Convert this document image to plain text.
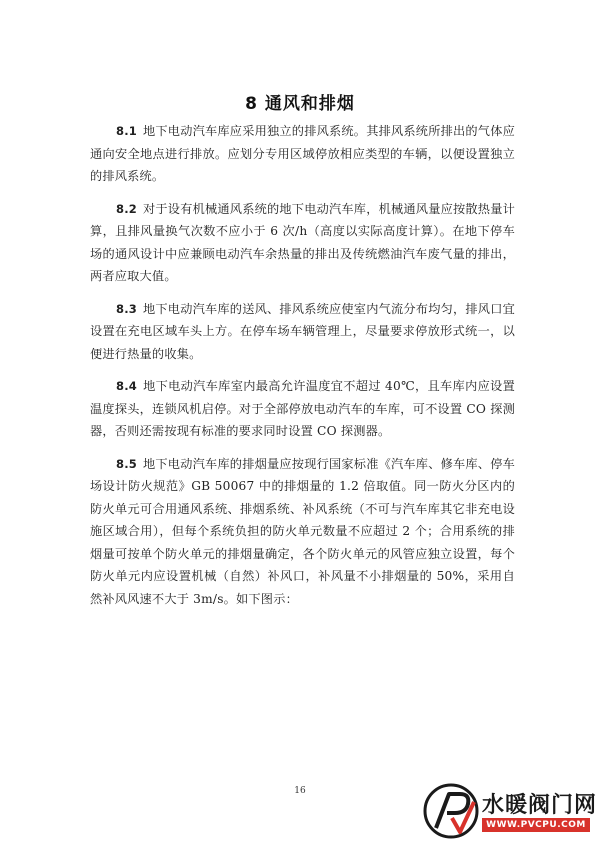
8 通风和排烟

8.1 地下电动汽车库应采用独立的排风系统。其排风系统所排出的气体应通向安全地点进行排放。应划分专用区域停放相应类型的车辆，以便设置独立的排风系统。

8.2 对于设有机械通风系统的地下电动汽车库，机械通风量应按散热量计算，且排风量换气次数不应小于 6 次/h（高度以实际高度计算）。在地下停车场的通风设计中应兼顾电动汽车余热量的排出及传统燃油汽车废气量的排出，两者应取大值。

8.3 地下电动汽车库的送风、排风系统应使室内气流分布均匀，排风口宜设置在充电区域车头上方。在停车场车辆管理上，尽量要求停放形式统一，以便进行热量的收集。

8.4 地下电动汽车库室内最高允许温度宜不超过 40℃，且车库内应设置温度探头，连锁风机启停。对于全部停放电动汽车的车库，可不设置 CO 探测器，否则还需按现有标准的要求同时设置 CO 探测器。

8.5 地下电动汽车库的排烟量应按现行国家标准《汽车库、修车库、停车场设计防火规范》GB 50067 中的排烟量的 1.2 倍取值。同一防火分区内的防火单元可合用通风系统、排烟系统、补风系统（不可与汽车库其它非充电设施区域合用），但每个系统负担的防火单元数量不应超过 2 个；合用系统的排烟量可按单个防火单元的排烟量确定，各个防火单元的风管应独立设置，每个防火单元内应设置机械（自然）补风口，补风量不小排烟量的 50%，采用自然补风风速不大于 3m/s。如下图示：

16
水暖阀门网
WWW.PVCPU.COM
